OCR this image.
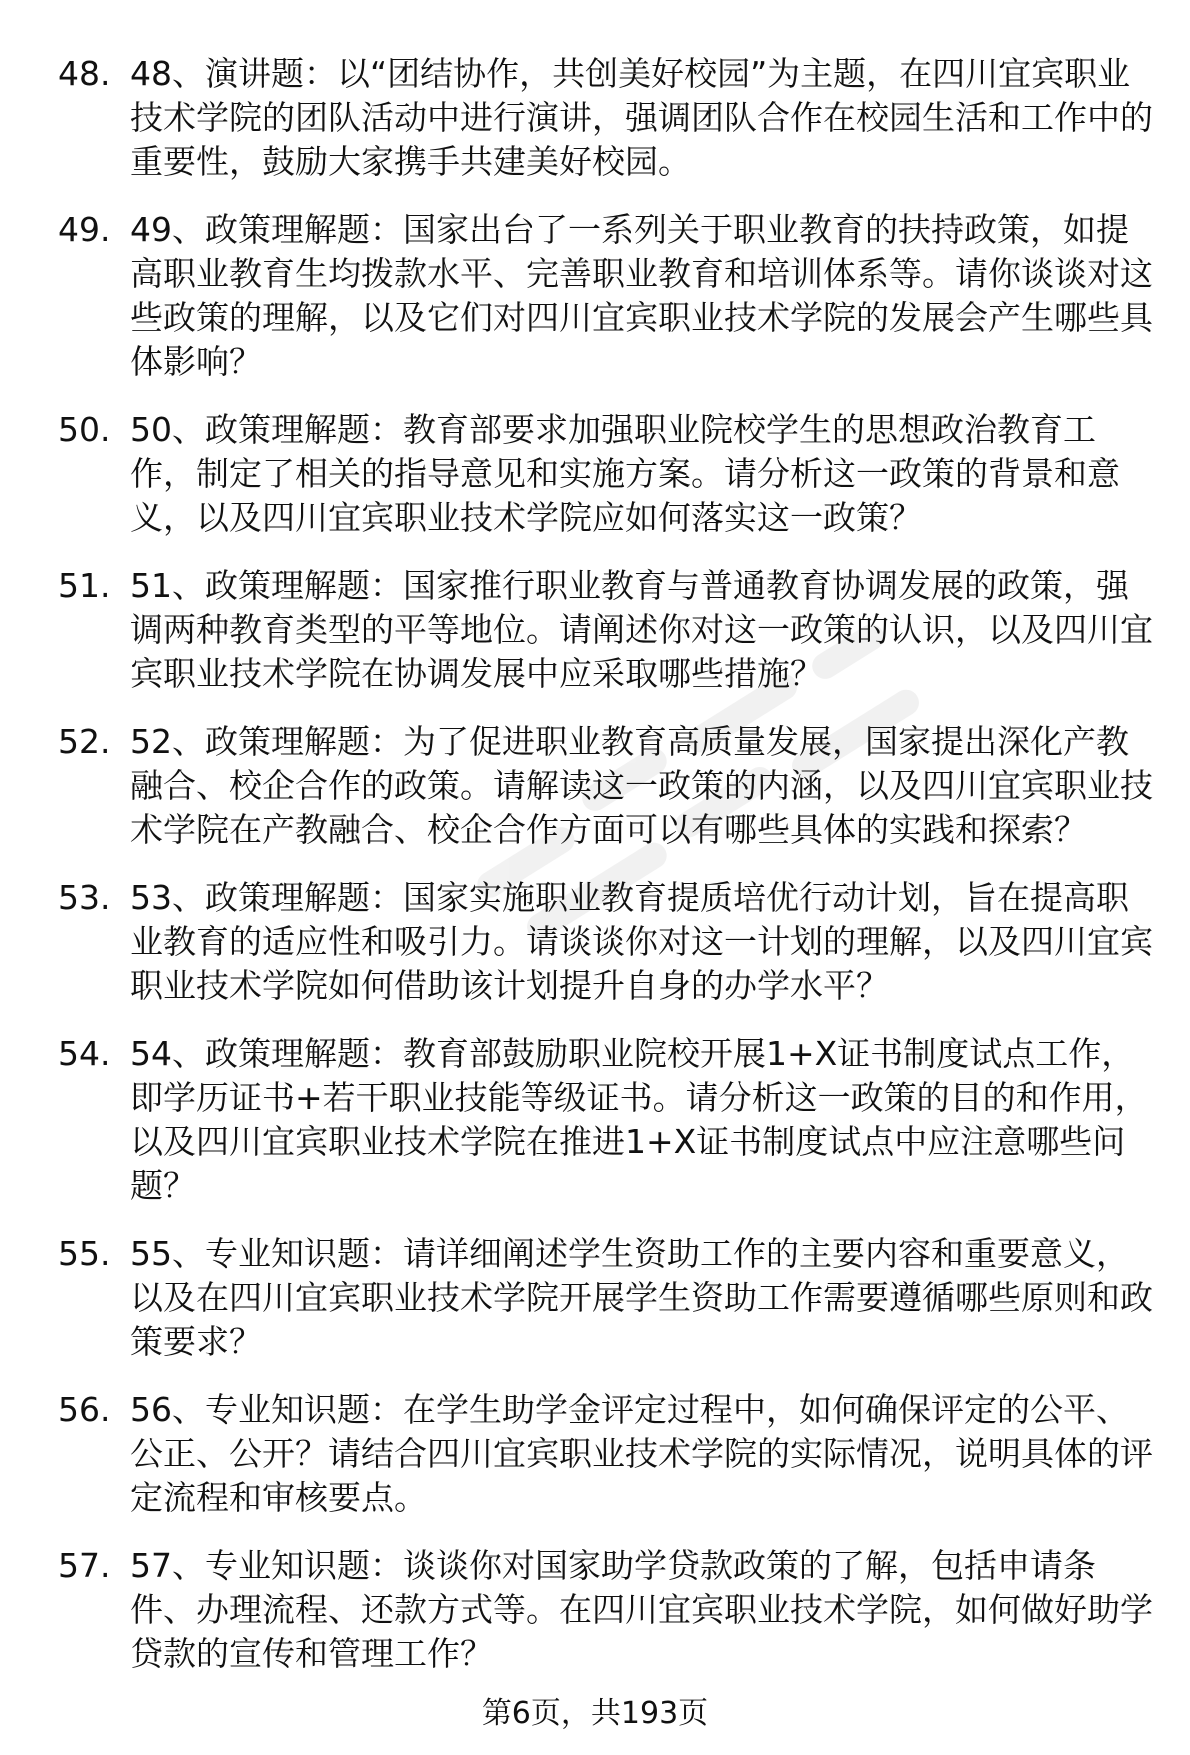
48. 48、演讲题：以“团结协作，共创美好校园”为主题，在四川宜宾职业技术学院的团队活动中进行演讲，强调团队合作在校园生活和工作中的重要性，鼓励大家携手共建美好校园。
49. 49、政策理解题：国家出台了一系列关于职业教育的扶持政策，如提高职业教育生均拨款水平、完善职业教育和培训体系等。请你谈谈对这些政策的理解，以及它们对四川宜宾职业技术学院的发展会产生哪些具体影响？
50. 50、政策理解题：教育部要求加强职业院校学生的思想政治教育工作，制定了相关的指导意见和实施方案。请分析这一政策的背景和意义，以及四川宜宾职业技术学院应如何落实这一政策？
51. 51、政策理解题：国家推行职业教育与普通教育协调发展的政策，强调两种教育类型的平等地位。请阐述你对这一政策的认识，以及四川宜宾职业技术学院在协调发展中应采取哪些措施？
52. 52、政策理解题：为了促进职业教育高质量发展，国家提出深化产教融合、校企合作的政策。请解读这一政策的内涵，以及四川宜宾职业技术学院在产教融合、校企合作方面可以有哪些具体的实践和探索？
53. 53、政策理解题：国家实施职业教育提质培优行动计划，旨在提高职业教育的适应性和吸引力。请谈谈你对这一计划的理解，以及四川宜宾职业技术学院如何借助该计划提升自身的办学水平？
54. 54、政策理解题：教育部鼓励职业院校开展1+X证书制度试点工作，即学历证书+若干职业技能等级证书。请分析这一政策的目的和作用，以及四川宜宾职业技术学院在推进1+X证书制度试点中应注意哪些问题？
55. 55、专业知识题：请详细阐述学生资助工作的主要内容和重要意义，以及在四川宜宾职业技术学院开展学生资助工作需要遵循哪些原则和政策要求？
56. 56、专业知识题：在学生助学金评定过程中，如何确保评定的公平、公正、公开？请结合四川宜宾职业技术学院的实际情况，说明具体的评定流程和审核要点。
57. 57、专业知识题：谈谈你对国家助学贷款政策的了解，包括申请条件、办理流程、还款方式等。在四川宜宾职业技术学院，如何做好助学贷款的宣传和管理工作？
第6页，共193页
